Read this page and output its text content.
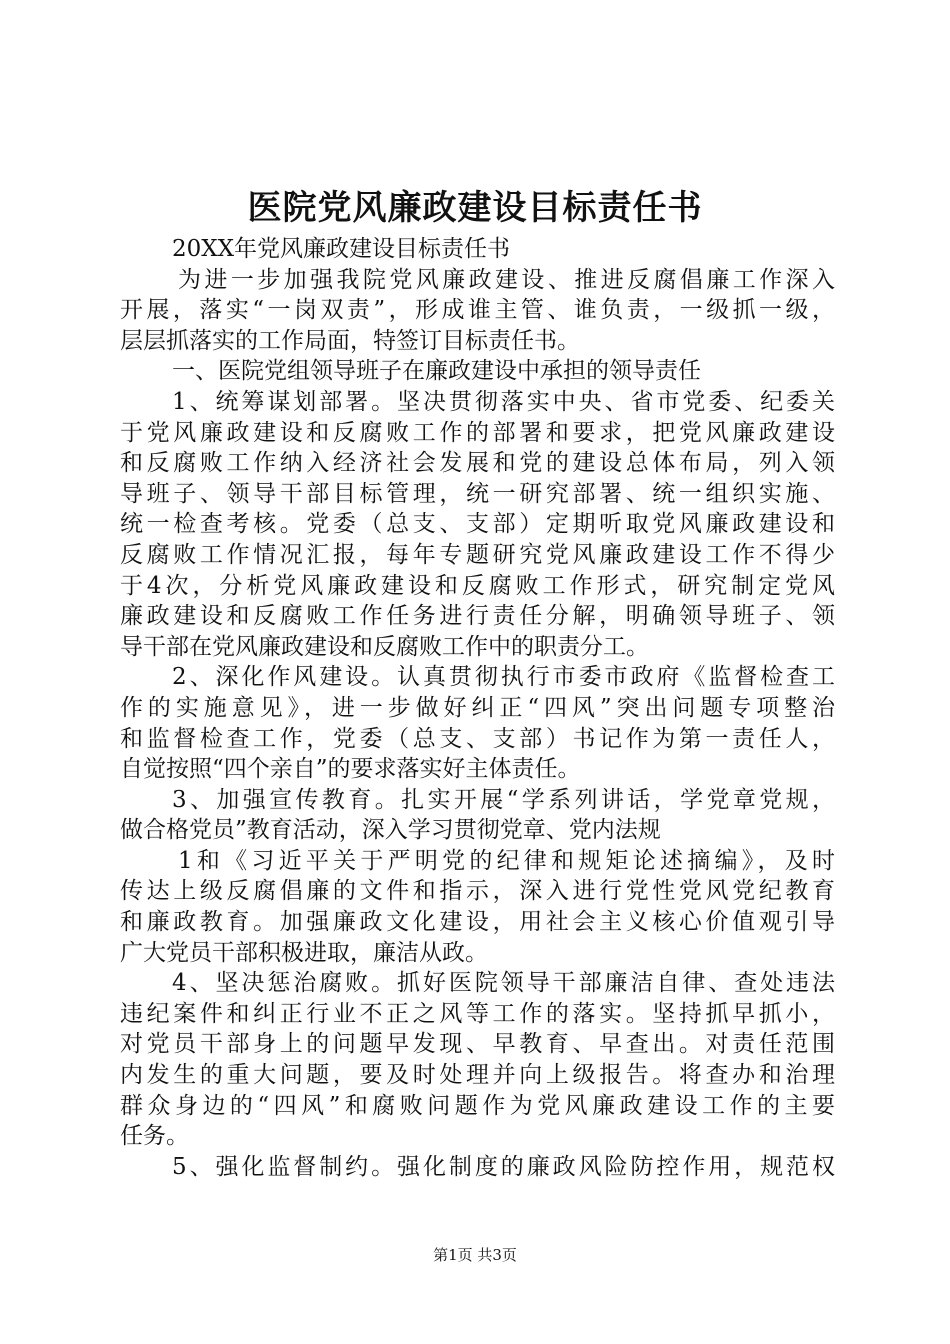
医院党风廉政建设目标责任书
20XX年党风廉政建设目标责任书
为进一步加强我院党风廉政建设、推进反腐倡廉工作深入
开展，落实“一岗双责”，形成谁主管、谁负责，一级抓一级，
层层抓落实的工作局面，特签订目标责任书。
一、医院党组领导班子在廉政建设中承担的领导责任
1、统筹谋划部署。坚决贯彻落实中央、省市党委、纪委关
于党风廉政建设和反腐败工作的部署和要求，把党风廉政建设
和反腐败工作纳入经济社会发展和党的建设总体布局，列入领
导班子、领导干部目标管理，统一研究部署、统一组织实施、
统一检查考核。党委（总支、支部）定期听取党风廉政建设和
反腐败工作情况汇报，每年专题研究党风廉政建设工作不得少
于4次，分析党风廉政建设和反腐败工作形式，研究制定党风
廉政建设和反腐败工作任务进行责任分解，明确领导班子、领
导干部在党风廉政建设和反腐败工作中的职责分工。
2、深化作风建设。认真贯彻执行市委市政府《监督检查工
作的实施意见》，进一步做好纠正“四风”突出问题专项整治
和监督检查工作，党委（总支、支部）书记作为第一责任人，
自觉按照“四个亲自”的要求落实好主体责任。
3、加强宣传教育。扎实开展“学系列讲话，学党章党规，
做合格党员”教育活动，深入学习贯彻党章、党内法规
1和《习近平关于严明党的纪律和规矩论述摘编》，及时
传达上级反腐倡廉的文件和指示，深入进行党性党风党纪教育
和廉政教育。加强廉政文化建设，用社会主义核心价值观引导
广大党员干部积极进取，廉洁从政。
4、坚决惩治腐败。抓好医院领导干部廉洁自律、查处违法
违纪案件和纠正行业不正之风等工作的落实。坚持抓早抓小，
对党员干部身上的问题早发现、早教育、早查出。对责任范围
内发生的重大问题，要及时处理并向上级报告。将查办和治理
群众身边的“四风”和腐败问题作为党风廉政建设工作的主要
任务。
5、强化监督制约。强化制度的廉政风险防控作用，规范权
第1页 共3页
